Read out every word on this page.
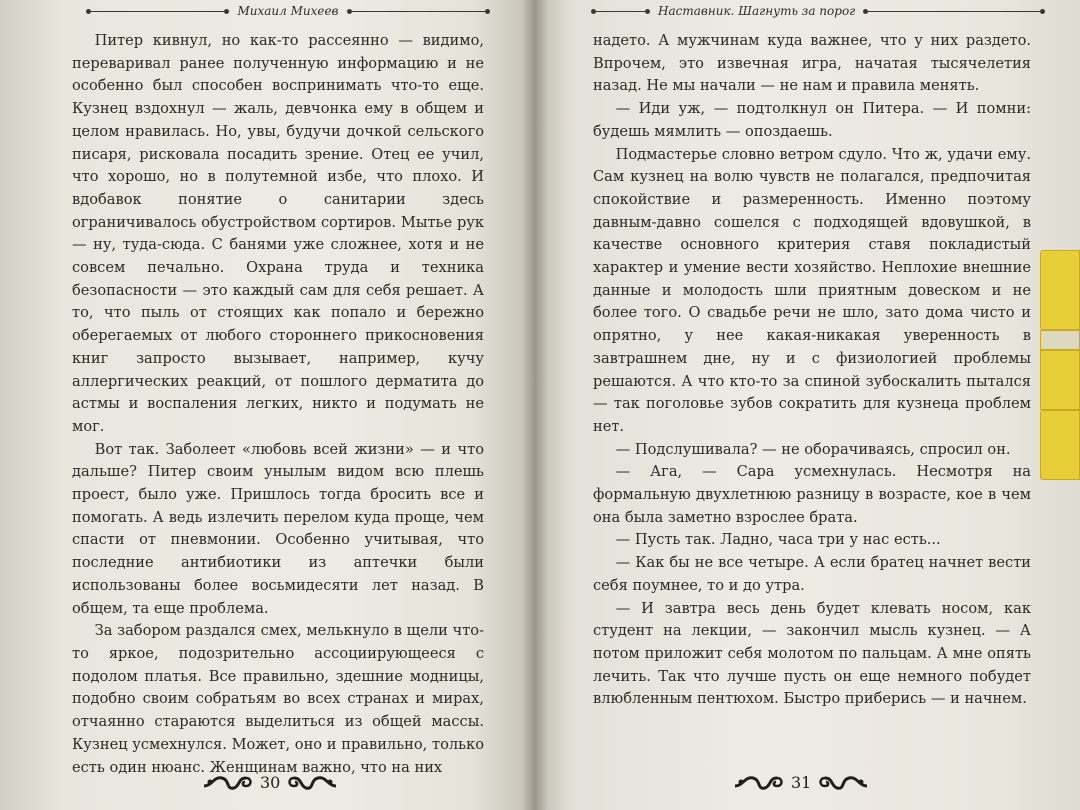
Михаил Михеев

Питер кивнул, но как-то рассеянно — видимо, переваривал ранее полученную информацию и не особенно был способен воспринимать что-то еще. Кузнец вздохнул — жаль, девчонка ему в общем и целом нравилась. Но, увы, будучи дочкой сельского писаря, рисковала посадить зрение. Отец ее учил, что хорошо, но в полутемной избе, что плохо. И вдобавок понятие о санитарии здесь ограничивалось обустройством сортиров. Мытье рук — ну, туда-сюда. С банями уже сложнее, хотя и не совсем печально. Охрана труда и техника безопасности — это каждый сам для себя решает. А то, что пыль от стоящих как попало и бережно оберегаемых от любого стороннего прикосновения книг запросто вызывает, например, кучу аллергических реакций, от пошлого дерматита до астмы и воспаления легких, никто и подумать не мог.

Вот так. Заболеет «любовь всей жизни» — и что дальше? Питер своим унылым видом всю плешь проест, было уже. Пришлось тогда бросить все и помогать. А ведь излечить перелом куда проще, чем спасти от пневмонии. Особенно учитывая, что последние антибиотики из аптечки были использованы более восьмидесяти лет назад. В общем, та еще проблема.

За забором раздался смех, мелькнуло в щели что-то яркое, подозрительно ассоциирующееся с подолом платья. Все правильно, здешние модницы, подобно своим собратьям во всех странах и мирах, отчаянно стараются выделиться из общей массы. Кузнец усмехнулся. Может, оно и правильно, только есть один нюанс. Женщинам важно, что на них

30
Наставник. Шагнуть за порог

надето. А мужчинам куда важнее, что у них раздето. Впрочем, это извечная игра, начатая тысячелетия назад. Не мы начали — не нам и правила менять.

— Иди уж, — подтолкнул он Питера. — И помни: будешь мямлить — опоздаешь.

Подмастерье словно ветром сдуло. Что ж, удачи ему. Сам кузнец на волю чувств не полагался, предпочитая спокойствие и размеренность. Именно поэтому давным-давно сошелся с подходящей вдовушкой, в качестве основного критерия ставя покладистый характер и умение вести хозяйство. Неплохие внешние данные и молодость шли приятным довеском и не более того. О свадьбе речи не шло, зато дома чисто и опрятно, у нее какая-никакая уверенность в завтрашнем дне, ну и с физиологией проблемы решаются. А что кто-то за спиной зубоскалить пытался — так поголовье зубов сократить для кузнеца проблем нет.

— Подслушивала? — не оборачиваясь, спросил он.

— Ага, — Сара усмехнулась. Несмотря на формальную двухлетнюю разницу в возрасте, кое в чем она была заметно взрослее брата.

— Пусть так. Ладно, часа три у нас есть...

— Как бы не все четыре. А если братец начнет вести себя поумнее, то и до утра.

— И завтра весь день будет клевать носом, как студент на лекции, — закончил мысль кузнец. — А потом приложит себя молотом по пальцам. А мне опять лечить. Так что лучше пусть он еще немного побудет влюбленным пентюхом. Быстро приберись — и начнем.

31
